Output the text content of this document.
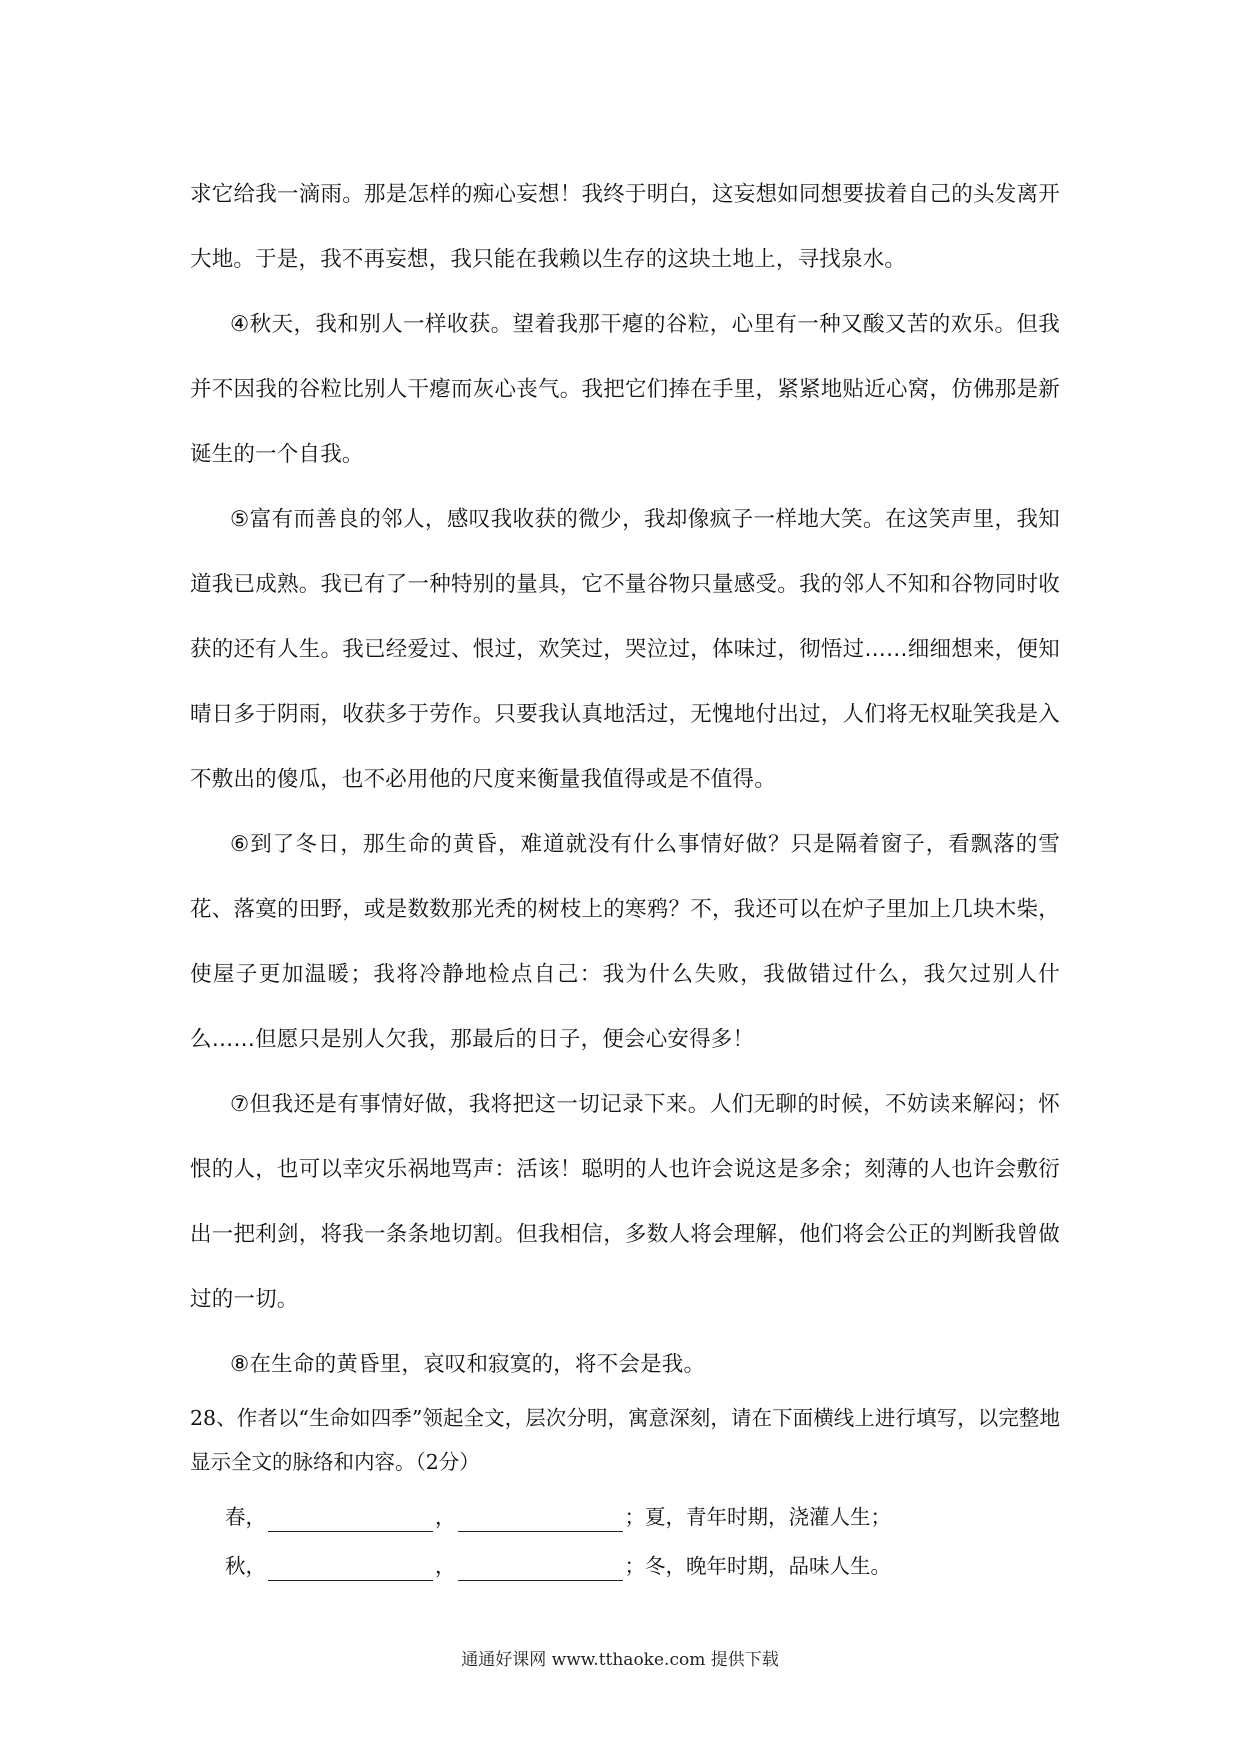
求它给我一滴雨。那是怎样的痴心妄想！我终于明白，这妄想如同想要拔着自己的头发离开大地。于是，我不再妄想，我只能在我赖以生存的这块土地上，寻找泉水。

④秋天，我和别人一样收获。望着我那干瘪的谷粒，心里有一种又酸又苦的欢乐。但我并不因我的谷粒比别人干瘪而灰心丧气。我把它们捧在手里，紧紧地贴近心窝，仿佛那是新诞生的一个自我。

⑤富有而善良的邻人，感叹我收获的微少，我却像疯子一样地大笑。在这笑声里，我知道我已成熟。我已有了一种特别的量具，它不量谷物只量感受。我的邻人不知和谷物同时收获的还有人生。我已经爱过、恨过，欢笑过，哭泣过，体味过，彻悟过……细细想来，便知晴日多于阴雨，收获多于劳作。只要我认真地活过，无愧地付出过，人们将无权耻笑我是入不敷出的傻瓜，也不必用他的尺度来衡量我值得或是不值得。

⑥到了冬日，那生命的黄昏，难道就没有什么事情好做？只是隔着窗子，看飘落的雪花、落寞的田野，或是数数那光秃的树枝上的寒鸦？不，我还可以在炉子里加上几块木柴，使屋子更加温暖；我将冷静地检点自己：我为什么失败，我做错过什么，我欠过别人什么……但愿只是别人欠我，那最后的日子，便会心安得多！

⑦但我还是有事情好做，我将把这一切记录下来。人们无聊的时候，不妨读来解闷；怀恨的人，也可以幸灾乐祸地骂声：活该！聪明的人也许会说这是多余；刻薄的人也许会敷衍出一把利剑，将我一条条地切割。但我相信，多数人将会理解，他们将会公正的判断我曾做过的一切。

⑧在生命的黄昏里，哀叹和寂寞的，将不会是我。

28、作者以“生命如四季”领起全文，层次分明，寓意深刻，请在下面横线上进行填写，以完整地显示全文的脉络和内容。（2分）

春，	，	；夏，青年时期，浇灌人生；
秋，	，	；冬，晚年时期，品味人生。
通通好课网 www.tthaoke.com 提供下载
